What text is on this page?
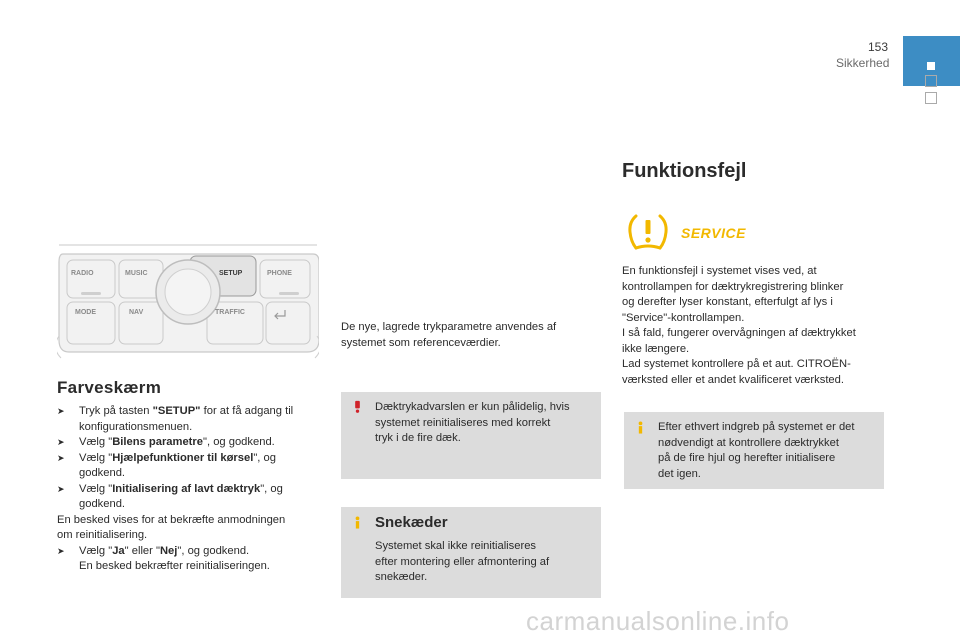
153
Sikkerhed
RADIO	MUSIC	SETUP	PHONE
MODE	NAV	TRAFFIC
Farveskærm
➤ Tryk på tasten "SETUP" for at få adgang til
konfigurationsmenuen.
➤ Vælg "Bilens parametre", og godkend.
➤ Vælg "Hjælpefunktioner til kørsel", og
godkend.
➤ Vælg "Initialisering af lavt dæktryk", og
godkend.
En besked vises for at bekræfte anmodningen
om reinitialisering.
➤ Vælg "Ja" eller "Nej", og godkend.
En besked bekræfter reinitialiseringen.
De nye, lagrede trykparametre anvendes af
systemet som referenceværdier.
Dæktrykadvarslen er kun pålidelig, hvis
systemet reinitialiseres med korrekt
tryk i de fire dæk.
Snekæder
Systemet skal ikke reinitialiseres
efter montering eller afmontering af
snekæder.
Funktionsfejl
SERVICE
En funktionsfejl i systemet vises ved, at
kontrollampen for dæktrykregistrering blinker
og derefter lyser konstant, efterfulgt af lys i
"Service"-kontrollampen.
I så fald, fungerer overvågningen af dæktrykket
ikke længere.
Lad systemet kontrollere på et aut. CITROËN-
værksted eller et andet kvalificeret værksted.
Efter ethvert indgreb på systemet er det
nødvendigt at kontrollere dæktrykket
på de fire hjul og herefter initialisere
det igen.
carmanualsonline.info
